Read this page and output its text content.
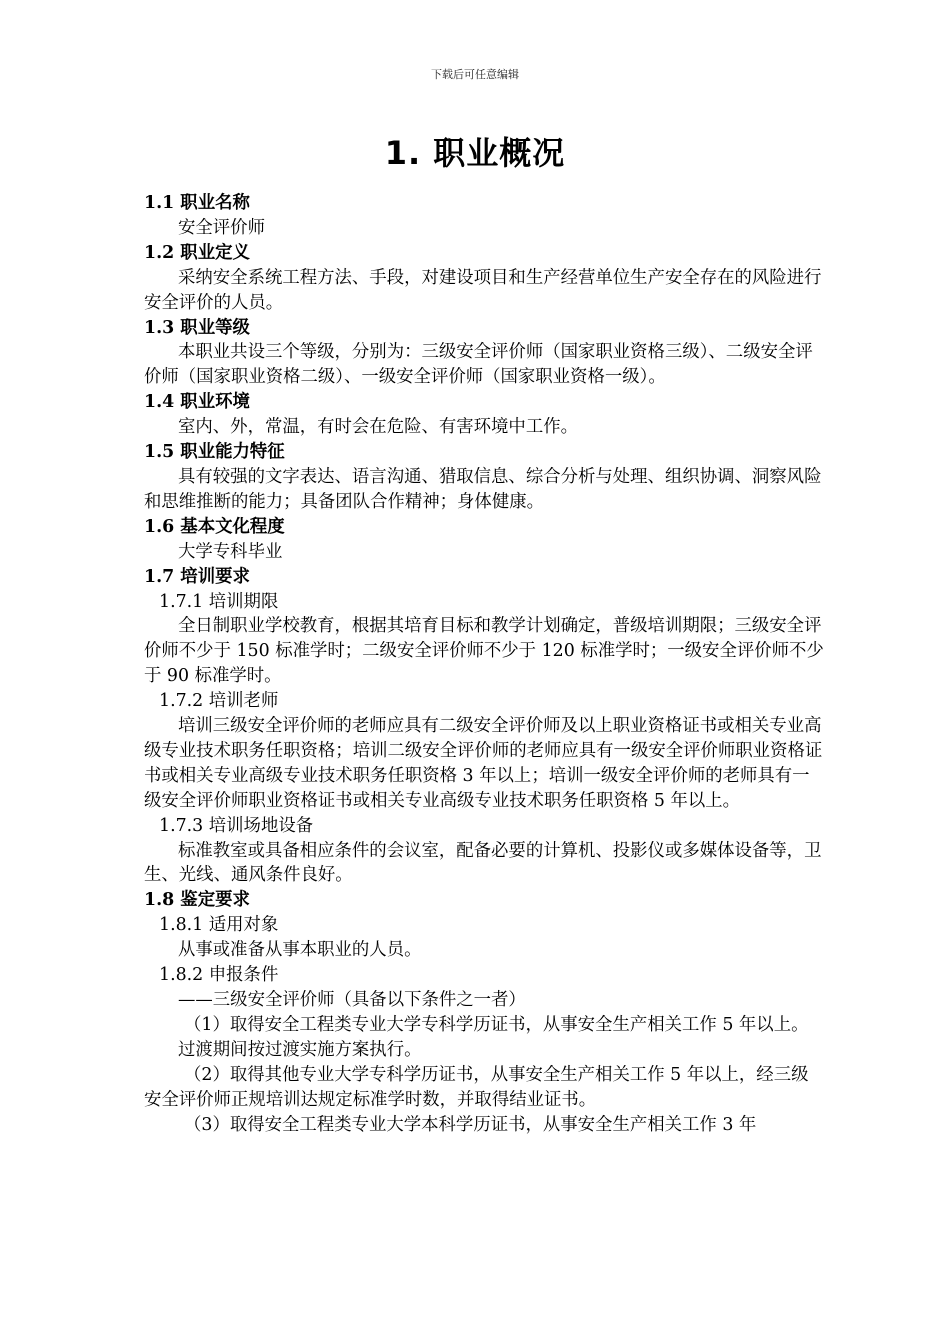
下载后可任意编辑
1. 职业概况

1.1 职业名称

安全评价师

1.2 职业定义

采纳安全系统工程方法、手段，对建设项目和生产经营单位生产安全存在的风险进行安全评价的人员。

1.3 职业等级

本职业共设三个等级，分别为：三级安全评价师（国家职业资格三级）、二级安全评价师（国家职业资格二级）、一级安全评价师（国家职业资格一级）。

1.4 职业环境

室内、外，常温，有时会在危险、有害环境中工作。

1.5 职业能力特征

具有较强的文字表达、语言沟通、猎取信息、综合分析与处理、组织协调、洞察风险和思维推断的能力；具备团队合作精神；身体健康。

1.6 基本文化程度

大学专科毕业

1.7 培训要求

1.7.1 培训期限

全日制职业学校教育，根据其培育目标和教学计划确定，普级培训期限；三级安全评价师不少于 150 标准学时；二级安全评价师不少于 120 标准学时；一级安全评价师不少于 90 标准学时。

1.7.2 培训老师

培训三级安全评价师的老师应具有二级安全评价师及以上职业资格证书或相关专业高级专业技术职务任职资格；培训二级安全评价师的老师应具有一级安全评价师职业资格证书或相关专业高级专业技术职务任职资格 3 年以上；培训一级安全评价师的老师具有一级安全评价师职业资格证书或相关专业高级专业技术职务任职资格 5 年以上。

1.7.3 培训场地设备

标准教室或具备相应条件的会议室，配备必要的计算机、投影仪或多媒体设备等，卫生、光线、通风条件良好。

1.8 鉴定要求

1.8.1 适用对象

从事或准备从事本职业的人员。

1.8.2 申报条件

——三级安全评价师（具备以下条件之一者）

（1）取得安全工程类专业大学专科学历证书，从事安全生产相关工作 5 年以上。

过渡期间按过渡实施方案执行。

（2）取得其他专业大学专科学历证书，从事安全生产相关工作 5 年以上，经三级安全评价师正规培训达规定标准学时数，并取得结业证书。

（3）取得安全工程类专业大学本科学历证书，从事安全生产相关工作 3 年
